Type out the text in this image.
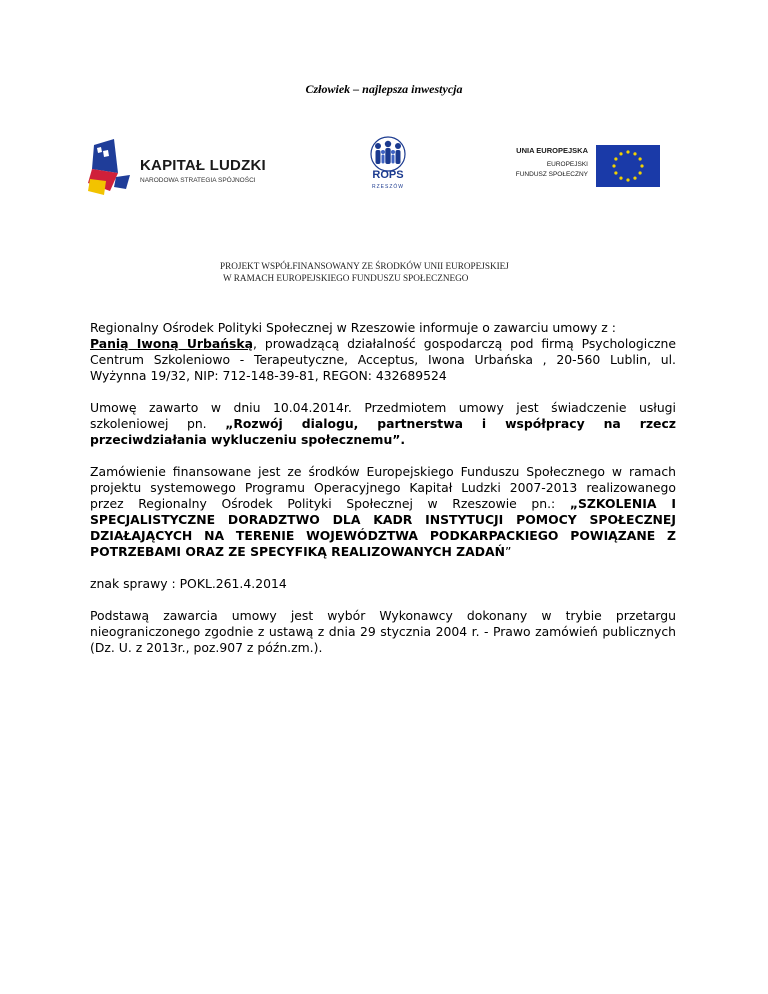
Człowiek – najlepsza inwestycja
KAPITAŁ LUDZKI
NARODOWA STRATEGIA SPÓJNOŚCI	ROPS
RZESZÓW
UNIA EUROPEJSKA
EUROPEJSKI
FUNDUSZ SPOŁECZNY
PROJEKT WSPÓŁFINANSOWANY ZE ŚRODKÓW UNII EUROPEJSKIEJ
W RAMACH EUROPEJSKIEGO FUNDUSZU SPOŁECZNEGO

Regionalny Ośrodek Polityki Społecznej w Rzeszowie informuje o zawarciu umowy z :
Panią Iwoną Urbańską, prowadzącą działalność gospodarczą pod firmą Psychologiczne Centrum Szkoleniowo - Terapeutyczne, Acceptus, Iwona Urbańska , 20-560 Lublin, ul. Wyżynna 19/32, NIP: 712-148-39-81, REGON: 432689524

Umowę zawarto w dniu 10.04.2014r. Przedmiotem umowy jest świadczenie usługi szkoleniowej pn. „Rozwój dialogu, partnerstwa i współpracy na rzecz przeciwdziałania wykluczeniu społecznemu”.

Zamówienie finansowane jest ze środków Europejskiego Funduszu Społecznego w ramach projektu systemowego Programu Operacyjnego Kapitał Ludzki 2007-2013 realizowanego przez Regionalny Ośrodek Polityki Społecznej w Rzeszowie pn.: „SZKOLENIA I SPECJALISTYCZNE DORADZTWO DLA KADR INSTYTUCJI POMOCY SPOŁECZNEJ DZIAŁAJĄCYCH NA TERENIE WOJEWÓDZTWA PODKARPACKIEGO POWIĄZANE Z POTRZEBAMI ORAZ ZE SPECYFIKĄ REALIZOWANYCH ZADAŃ”

znak sprawy : POKL.261.4.2014

Podstawą zawarcia umowy jest wybór Wykonawcy dokonany w trybie przetargu nieograniczonego zgodnie z ustawą z dnia 29 stycznia 2004 r. - Prawo zamówień publicznych (Dz. U. z 2013r., poz.907 z późn.zm.).
